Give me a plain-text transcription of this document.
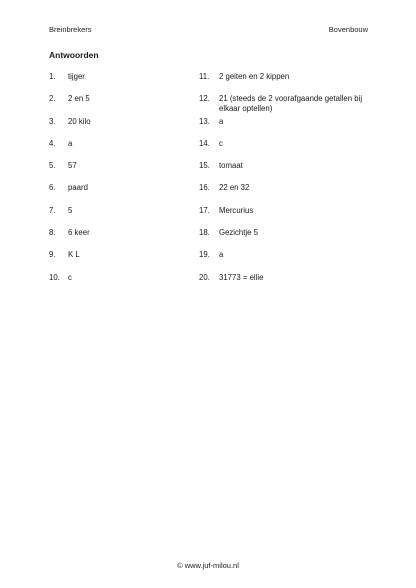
Breinbrekers	Bovenbouw
Antwoorden
1. tijger
2. 2 en 5
3. 20 kilo
4. a
5. 57
6. paard
7. 5
8. 6 keer
9. K L
10. c
11. 2 geiten en 2 kippen
12. 21 (steeds de 2 voorafgaande getallen bij elkaar optellen)
13. a
14. c
15. tomaat
16. 22 en 32
17. Mercurius
18. Gezichtje 5
19. a
20. 31773 = ellie
© www.juf-milou.nl
